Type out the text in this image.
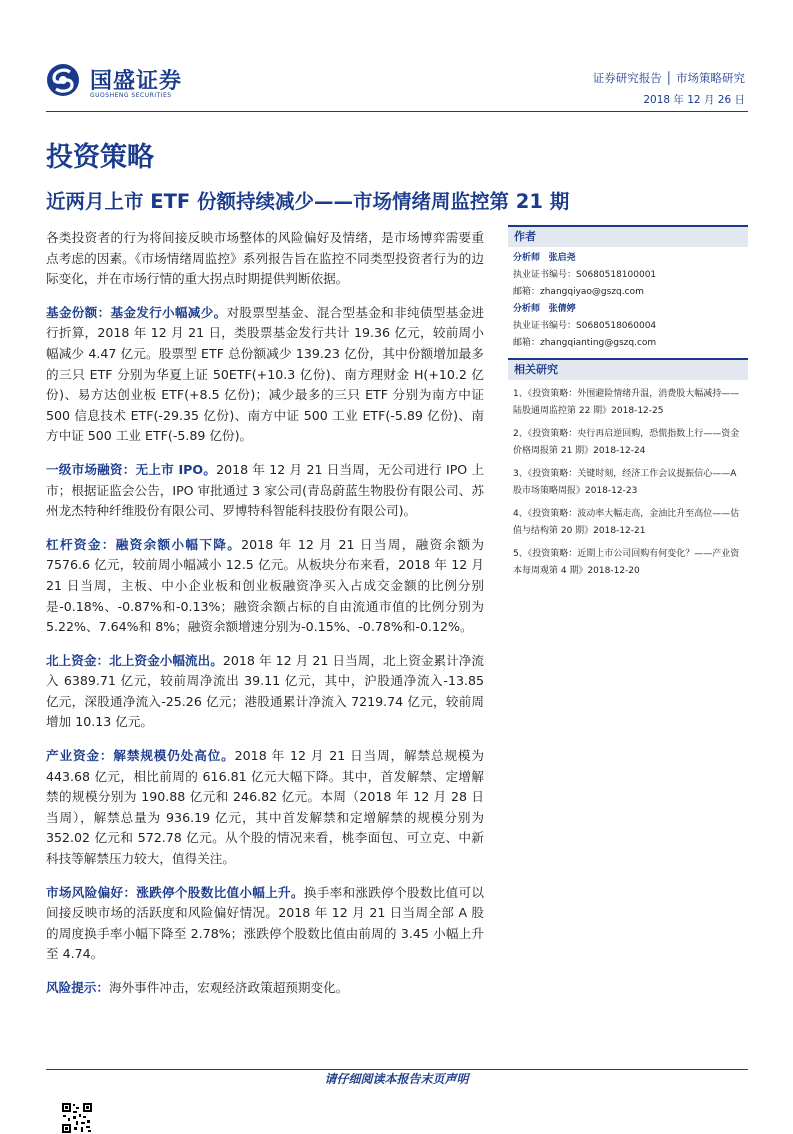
国盛证券
GUOSHENG SECURITIES
证券研究报告 │ 市场策略研究
2018 年 12 月 26 日
投资策略
近两月上市 ETF 份额持续减少——市场情绪周监控第 21 期

各类投资者的行为将间接反映市场整体的风险偏好及情绪，是市场博弈需要重点考虑的因素。《市场情绪周监控》系列报告旨在监控不同类型投资者行为的边际变化，并在市场行情的重大拐点时期提供判断依据。

基金份额：基金发行小幅减少。对股票型基金、混合型基金和非纯债型基金进行折算，2018 年 12 月 21 日，类股票基金发行共计 19.36 亿元，较前周小幅减少 4.47 亿元。股票型 ETF 总份额减少 139.23 亿份，其中份额增加最多的三只 ETF 分别为华夏上证 50ETF(+10.3 亿份)、南方理财金 H(+10.2 亿份)、易方达创业板 ETF(+8.5 亿份)；减少最多的三只 ETF 分别为南方中证 500 信息技术 ETF(-29.35 亿份)、南方中证 500 工业 ETF(-5.89 亿份)、南方中证 500 工业 ETF(-5.89 亿份)。

一级市场融资：无上市 IPO。2018 年 12 月 21 日当周，无公司进行 IPO 上市；根据证监会公告，IPO 审批通过 3 家公司(青岛蔚蓝生物股份有限公司、苏州龙杰特种纤维股份有限公司、罗博特科智能科技股份有限公司)。

杠杆资金：融资余额小幅下降。2018 年 12 月 21 日当周，融资余额为 7576.6 亿元，较前周小幅减小 12.5 亿元。从板块分布来看，2018 年 12 月 21 日当周，主板、中小企业板和创业板融资净买入占成交金额的比例分别是-0.18%、-0.87%和-0.13%；融资余额占标的自由流通市值的比例分别为 5.22%、7.64%和 8%；融资余额增速分别为-0.15%、-0.78%和-0.12%。

北上资金：北上资金小幅流出。2018 年 12 月 21 日当周，北上资金累计净流入 6389.71 亿元，较前周净流出 39.11 亿元，其中，沪股通净流入-13.85 亿元，深股通净流入-25.26 亿元；港股通累计净流入 7219.74 亿元，较前周增加 10.13 亿元。

产业资金：解禁规模仍处高位。2018 年 12 月 21 日当周，解禁总规模为 443.68 亿元，相比前周的 616.81 亿元大幅下降。其中，首发解禁、定增解禁的规模分别为 190.88 亿元和 246.82 亿元。本周（2018 年 12 月 28 日当周），解禁总量为 936.19 亿元，其中首发解禁和定增解禁的规模分别为 352.02 亿元和 572.78 亿元。从个股的情况来看，桃李面包、可立克、中新科技等解禁压力较大，值得关注。

市场风险偏好：涨跌停个股数比值小幅上升。换手率和涨跌停个股数比值可以间接反映市场的活跃度和风险偏好情况。2018 年 12 月 21 日当周全部 A 股的周度换手率小幅下降至 2.78%；涨跌停个股数比值由前周的 3.45 小幅上升至 4.74。

风险提示：海外事件冲击，宏观经济政策超预期变化。

作者
分析师 张启尧
执业证书编号：S0680518100001
邮箱：zhangqiyao@gszq.com
分析师 张倩婷
执业证书编号：S0680518060004
邮箱：zhangqianting@gszq.com
相关研究
1、《投资策略：外围避险情绪升温，消费股大幅减持——陆股通周监控第 22 期》2018-12-25
2、《投资策略：央行再启逆回购，恐慌指数上行——资金价格周报第 21 期》2018-12-24
3、《投资策略：关键时刻，经济工作会议提振信心——A 股市场策略周报》2018-12-23
4、《投资策略：波动率大幅走高，金油比升至高位——估值与结构第 20 期》2018-12-21
5、《投资策略：近期上市公司回购有何变化？——产业资本每周观第 4 期》2018-12-20
请仔细阅读本报告末页声明
